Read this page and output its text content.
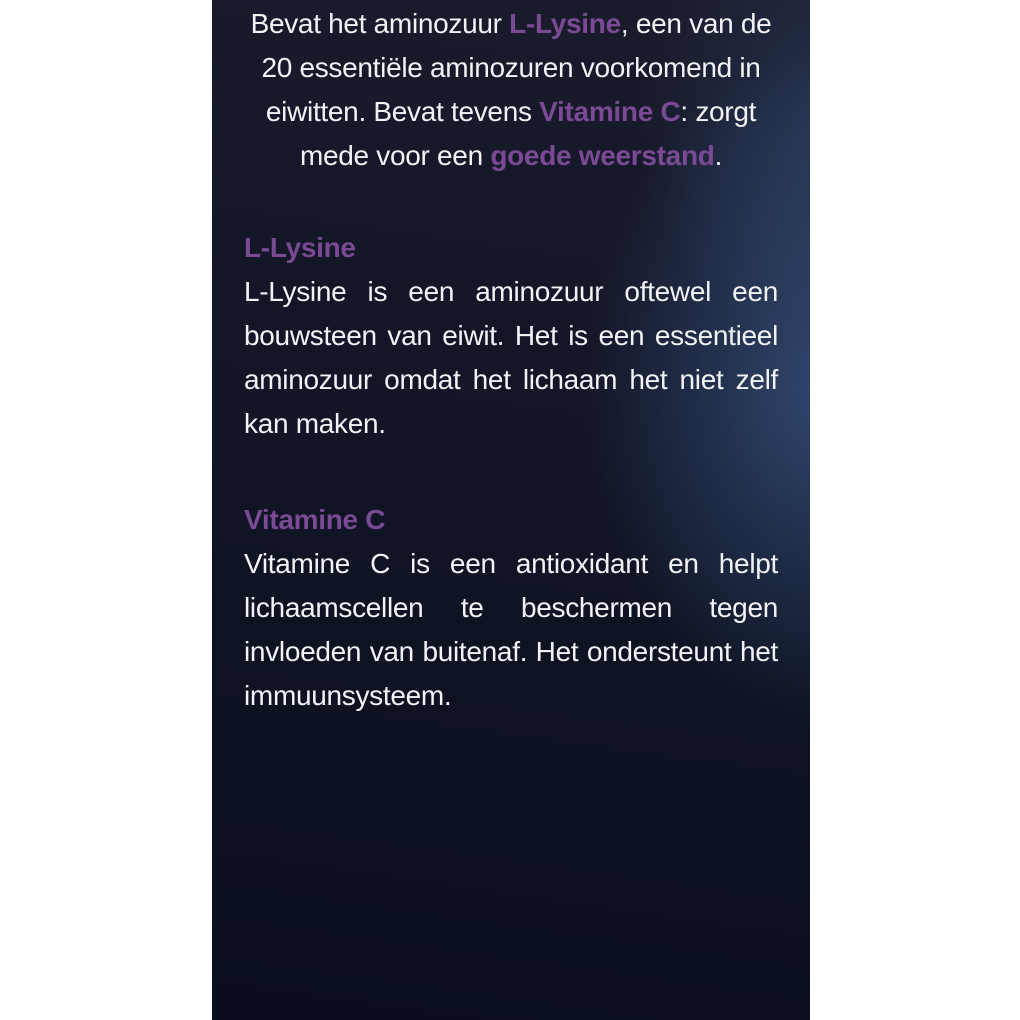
Bevat het aminozuur L-Lysine, een van de 20 essentiële aminozuren voorkomend in eiwitten. Bevat tevens Vitamine C: zorgt mede voor een goede weerstand.

L-Lysine

L-Lysine is een aminozuur oftewel een bouwsteen van eiwit. Het is een essentieel aminozuur omdat het lichaam het niet zelf kan maken.

Vitamine C

Vitamine C is een antioxidant en helpt lichaamscellen te beschermen tegen invloeden van buitenaf. Het ondersteunt het immuunsysteem.
